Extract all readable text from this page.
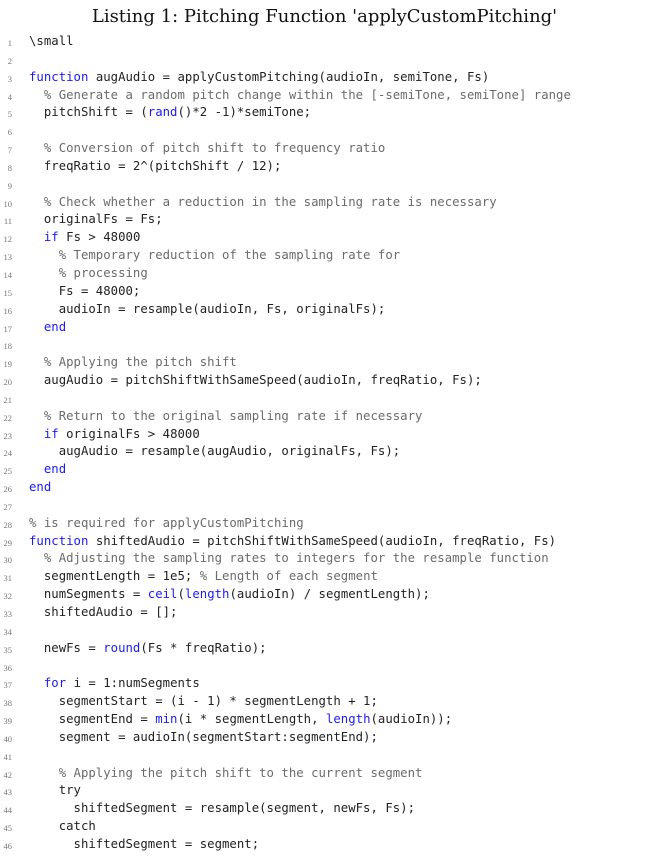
Listing 1: Pitching Function 'applyCustomPitching'
1 \small
2
3 function augAudio = applyCustomPitching(audioIn, semiTone, Fs)
4 % Generate a random pitch change within the [-semiTone, semiTone] range
5 pitchShift = (rand()*2 -1)*semiTone;
6
7 % Conversion of pitch shift to frequency ratio
8 freqRatio = 2^(pitchShift / 12);
9
10 % Check whether a reduction in the sampling rate is necessary
11 originalFs = Fs;
12	if Fs > 48000
13 % Temporary reduction of the sampling rate for
14 % processing
15 Fs = 48000;
16 audioIn = resample(audioIn, Fs, originalFs);
17	end
18
19 % Applying the pitch shift
20 augAudio = pitchShiftWithSameSpeed(audioIn, freqRatio, Fs);
21
22 % Return to the original sampling rate if necessary
23	if originalFs > 48000
24 augAudio = resample(augAudio, originalFs, Fs);
25	end
26 end
27
28 % is required for applyCustomPitching
29 function shiftedAudio = pitchShiftWithSameSpeed(audioIn, freqRatio, Fs)
30 % Adjusting the sampling rates to integers for the resample function
31 segmentLength = 1e5; % Length of each segment
32 numSegments = ceil(length(audioIn) / segmentLength);
33 shiftedAudio = [];
34
35 newFs = round(Fs * freqRatio);
36
37	for i = 1:numSegments
38 segmentStart = (i - 1) * segmentLength + 1;
39 segmentEnd = min(i * segmentLength, length(audioIn));
40 segment = audioIn(segmentStart:segmentEnd);
41
42 % Applying the pitch shift to the current segment
43 try
44 shiftedSegment = resample(segment, newFs, Fs);
45 catch
46 shiftedSegment = segment;
